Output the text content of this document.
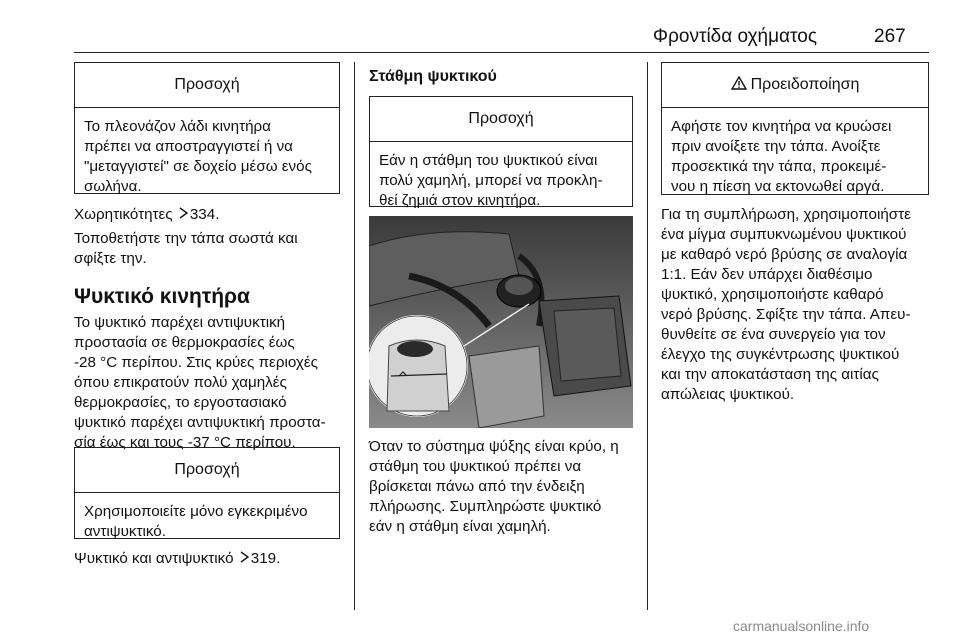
Φροντίδα οχήματος	267
Προσοχή
Το πλεονάζον λάδι κινητήρα
πρέπει να αποστραγγιστεί ή να
"μεταγγιστεί" σε δοχείο μέσω ενός
σωλήνα.
Χωρητικότητες 334.
Τοποθετήστε την τάπα σωστά και
σφίξτε την.
Ψυκτικό κινητήρα
Το ψυκτικό παρέχει αντιψυκτική
προστασία σε θερμοκρασίες έως
-28 °C περίπου. Στις κρύες περιοχές
όπου επικρατούν πολύ χαμηλές
θερμοκρασίες, το εργοστασιακό
ψυκτικό παρέχει αντιψυκτική προστα-
σία έως και τους -37 °C περίπου.
Προσοχή
Χρησιμοποιείτε μόνο εγκεκριμένο
αντιψυκτικό.
Ψυκτικό και αντιψυκτικό 319.
Στάθμη ψυκτικού
Προσοχή
Εάν η στάθμη του ψυκτικού είναι
πολύ χαμηλή, μπορεί να προκλη-
θεί ζημιά στον κινητήρα.
Όταν το σύστημα ψύξης είναι κρύο, η
στάθμη του ψυκτικού πρέπει να
βρίσκεται πάνω από την ένδειξη
πλήρωσης. Συμπληρώστε ψυκτικό
εάν η στάθμη είναι χαμηλή.
Προειδοποίηση
Αφήστε τον κινητήρα να κρυώσει
πριν ανοίξετε την τάπα. Ανοίξτε
προσεκτικά την τάπα, προκειμέ-
νου η πίεση να εκτονωθεί αργά.
Για τη συμπλήρωση, χρησιμοποιήστε
ένα μίγμα συμπυκνωμένου ψυκτικού
με καθαρό νερό βρύσης σε αναλογία
1:1. Εάν δεν υπάρχει διαθέσιμο
ψυκτικό, χρησιμοποιήστε καθαρό
νερό βρύσης. Σφίξτε την τάπα. Απευ-
θυνθείτε σε ένα συνεργείο για τον
έλεγχο της συγκέντρωσης ψυκτικού
και την αποκατάσταση της αιτίας
απώλειας ψυκτικού.
carmanualsonline.info
